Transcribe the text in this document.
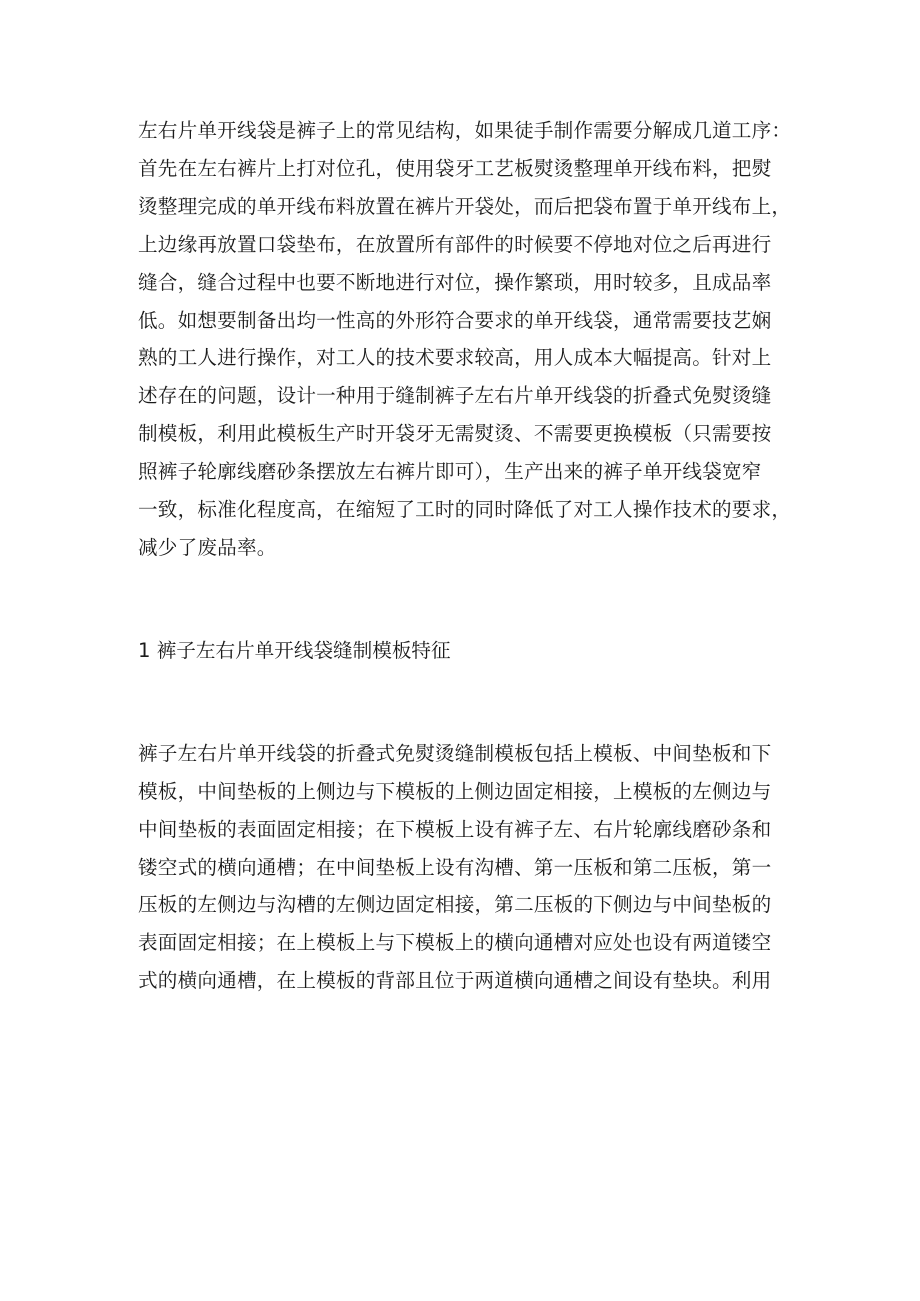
左右片单开线袋是裤子上的常见结构，如果徒手制作需要分解成几道工序：
首先在左右裤片上打对位孔，使用袋牙工艺板熨烫整理单开线布料，把熨
烫整理完成的单开线布料放置在裤片开袋处，而后把袋布置于单开线布上，
上边缘再放置口袋垫布，在放置所有部件的时候要不停地对位之后再进行
缝合，缝合过程中也要不断地进行对位，操作繁琐，用时较多，且成品率
低。如想要制备出均一性高的外形符合要求的单开线袋，通常需要技艺娴
熟的工人进行操作，对工人的技术要求较高，用人成本大幅提高。针对上
述存在的问题，设计一种用于缝制裤子左右片单开线袋的折叠式免熨烫缝
制模板，利用此模板生产时开袋牙无需熨烫、不需要更换模板（只需要按
照裤子轮廓线磨砂条摆放左右裤片即可），生产出来的裤子单开线袋宽窄
一致，标准化程度高，在缩短了工时的同时降低了对工人操作技术的要求，
减少了废品率。

1 裤子左右片单开线袋缝制模板特征

裤子左右片单开线袋的折叠式免熨烫缝制模板包括上模板、中间垫板和下
模板，中间垫板的上侧边与下模板的上侧边固定相接，上模板的左侧边与
中间垫板的表面固定相接；在下模板上设有裤子左、右片轮廓线磨砂条和
镂空式的横向通槽；在中间垫板上设有沟槽、第一压板和第二压板，第一
压板的左侧边与沟槽的左侧边固定相接，第二压板的下侧边与中间垫板的
表面固定相接；在上模板上与下模板上的横向通槽对应处也设有两道镂空
式的横向通槽，在上模板的背部且位于两道横向通槽之间设有垫块。利用
